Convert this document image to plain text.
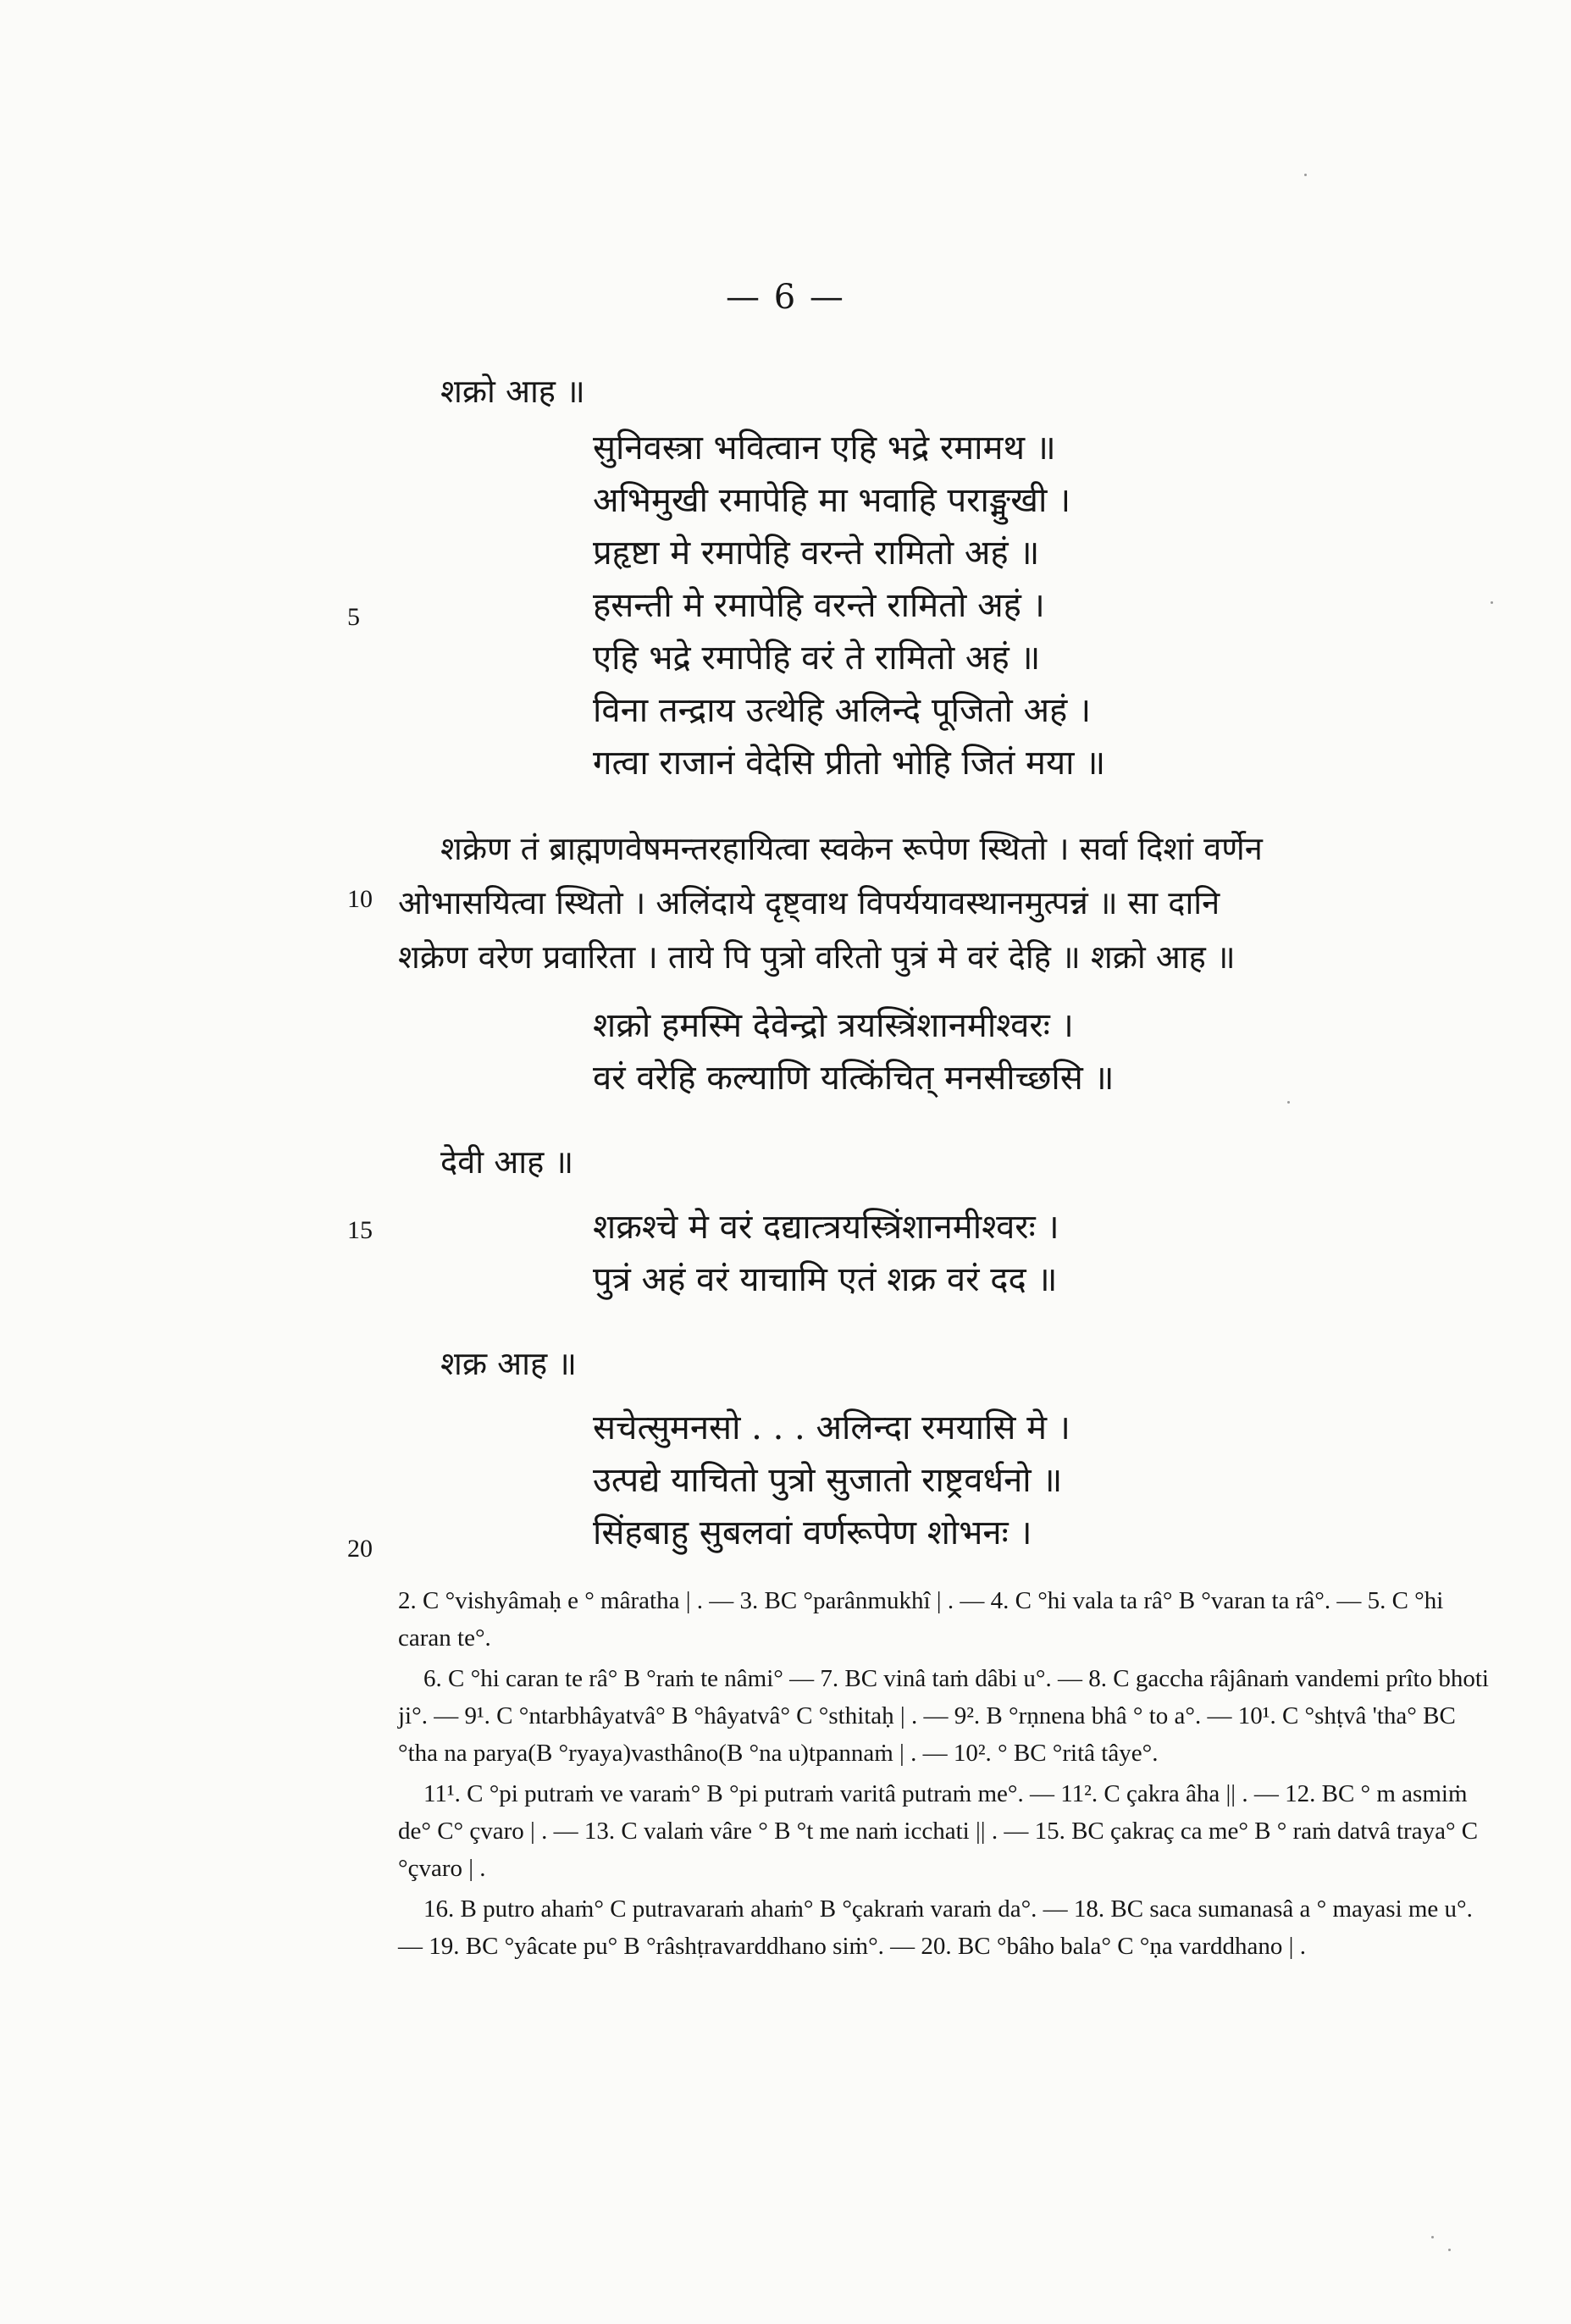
— 6 —
शक्रो आह ॥
सुनिवस्त्रा भवित्वान एहि भद्रे रमामथ ॥
अभिमुखी रमापेहि मा भवाहि पराङ्मुखी ।
प्रहृष्टा मे रमापेहि वरन्ते रामितो अहं ॥
हसन्ती मे रमापेहि वरन्ते रामितो अहं ।
एहि भद्रे रमापेहि वरं ते रामितो अहं ॥
विना तन्द्राय उत्थेहि अलिन्दे पूजितो अहं ।
गत्वा राजानं वेदेसि प्रीतो भोहि जितं मया ॥
शक्रेण तं ब्राह्मणवेषमन्तरहायित्वा स्वकेन रूपेण स्थितो । सर्वा दिशां वर्णेन
ओभासयित्वा स्थितो । अलिंदाये दृष्ट्वाथ विपर्ययावस्थानमुत्पन्नं ॥ सा दानि
शक्रेण वरेण प्रवारिता । ताये पि पुत्रो वरितो पुत्रं मे वरं देहि ॥ शक्रो आह ॥
शक्रो हमस्मि देवेन्द्रो त्रयस्त्रिंशानमीश्वरः ।
वरं वरेहि कल्याणि यत्किंचित् मनसीच्छसि ॥
देवी आह ॥
शक्रश्चे मे वरं दद्यात्त्रयस्त्रिंशानमीश्वरः ।
पुत्रं अहं वरं याचामि एतं शक्र वरं दद ॥
शक्र आह ॥
सचेत्सुमनसो . . . अलिन्दा रमयासि मे ।
उत्पद्ये याचितो पुत्रो सुजातो राष्ट्रवर्धनो ॥
सिंहबाहु सुबलवां वर्णरूपेण शोभनः ।
5
10
15
20

2. C °vishyâmaḥ e ° mâratha | . — 3. BC °parânmukhî | . — 4. C °hi vala ta râ° B °varan ta râ°. — 5. C °hi caran te°.

6. C °hi caran te râ° B °raṁ te nâmi° — 7. BC vinâ taṁ dâbi u°. — 8. C gaccha râjânaṁ vandemi prîto bhoti ji°. — 9¹. C °ntarbhâyatvâ° B °hâyatvâ° C °sthitaḥ | . — 9². B °rṇnena bhâ ° to a°. — 10¹. C °shṭvâ 'tha° BC °tha na parya(B °ryaya)vasthâno(B °na u)tpannaṁ | . — 10². ° BC °ritâ tâye°.

11¹. C °pi putraṁ ve varaṁ° B °pi putraṁ varitâ putraṁ me°. — 11². C çakra âha || . — 12. BC ° m asmiṁ de° C° çvaro | . — 13. C valaṁ vâre ° B °t me naṁ icchati || . — 15. BC çakraç ca me° B ° raṁ datvâ traya° C °çvaro | .

16. B putro ahaṁ° C putravaraṁ ahaṁ° B °çakraṁ varaṁ da°. — 18. BC saca sumanasâ a ° mayasi me u°. — 19. BC °yâcate pu° B °râshṭravarddhano siṁ°. — 20. BC °bâho bala° C °ṇa varddhano | .
